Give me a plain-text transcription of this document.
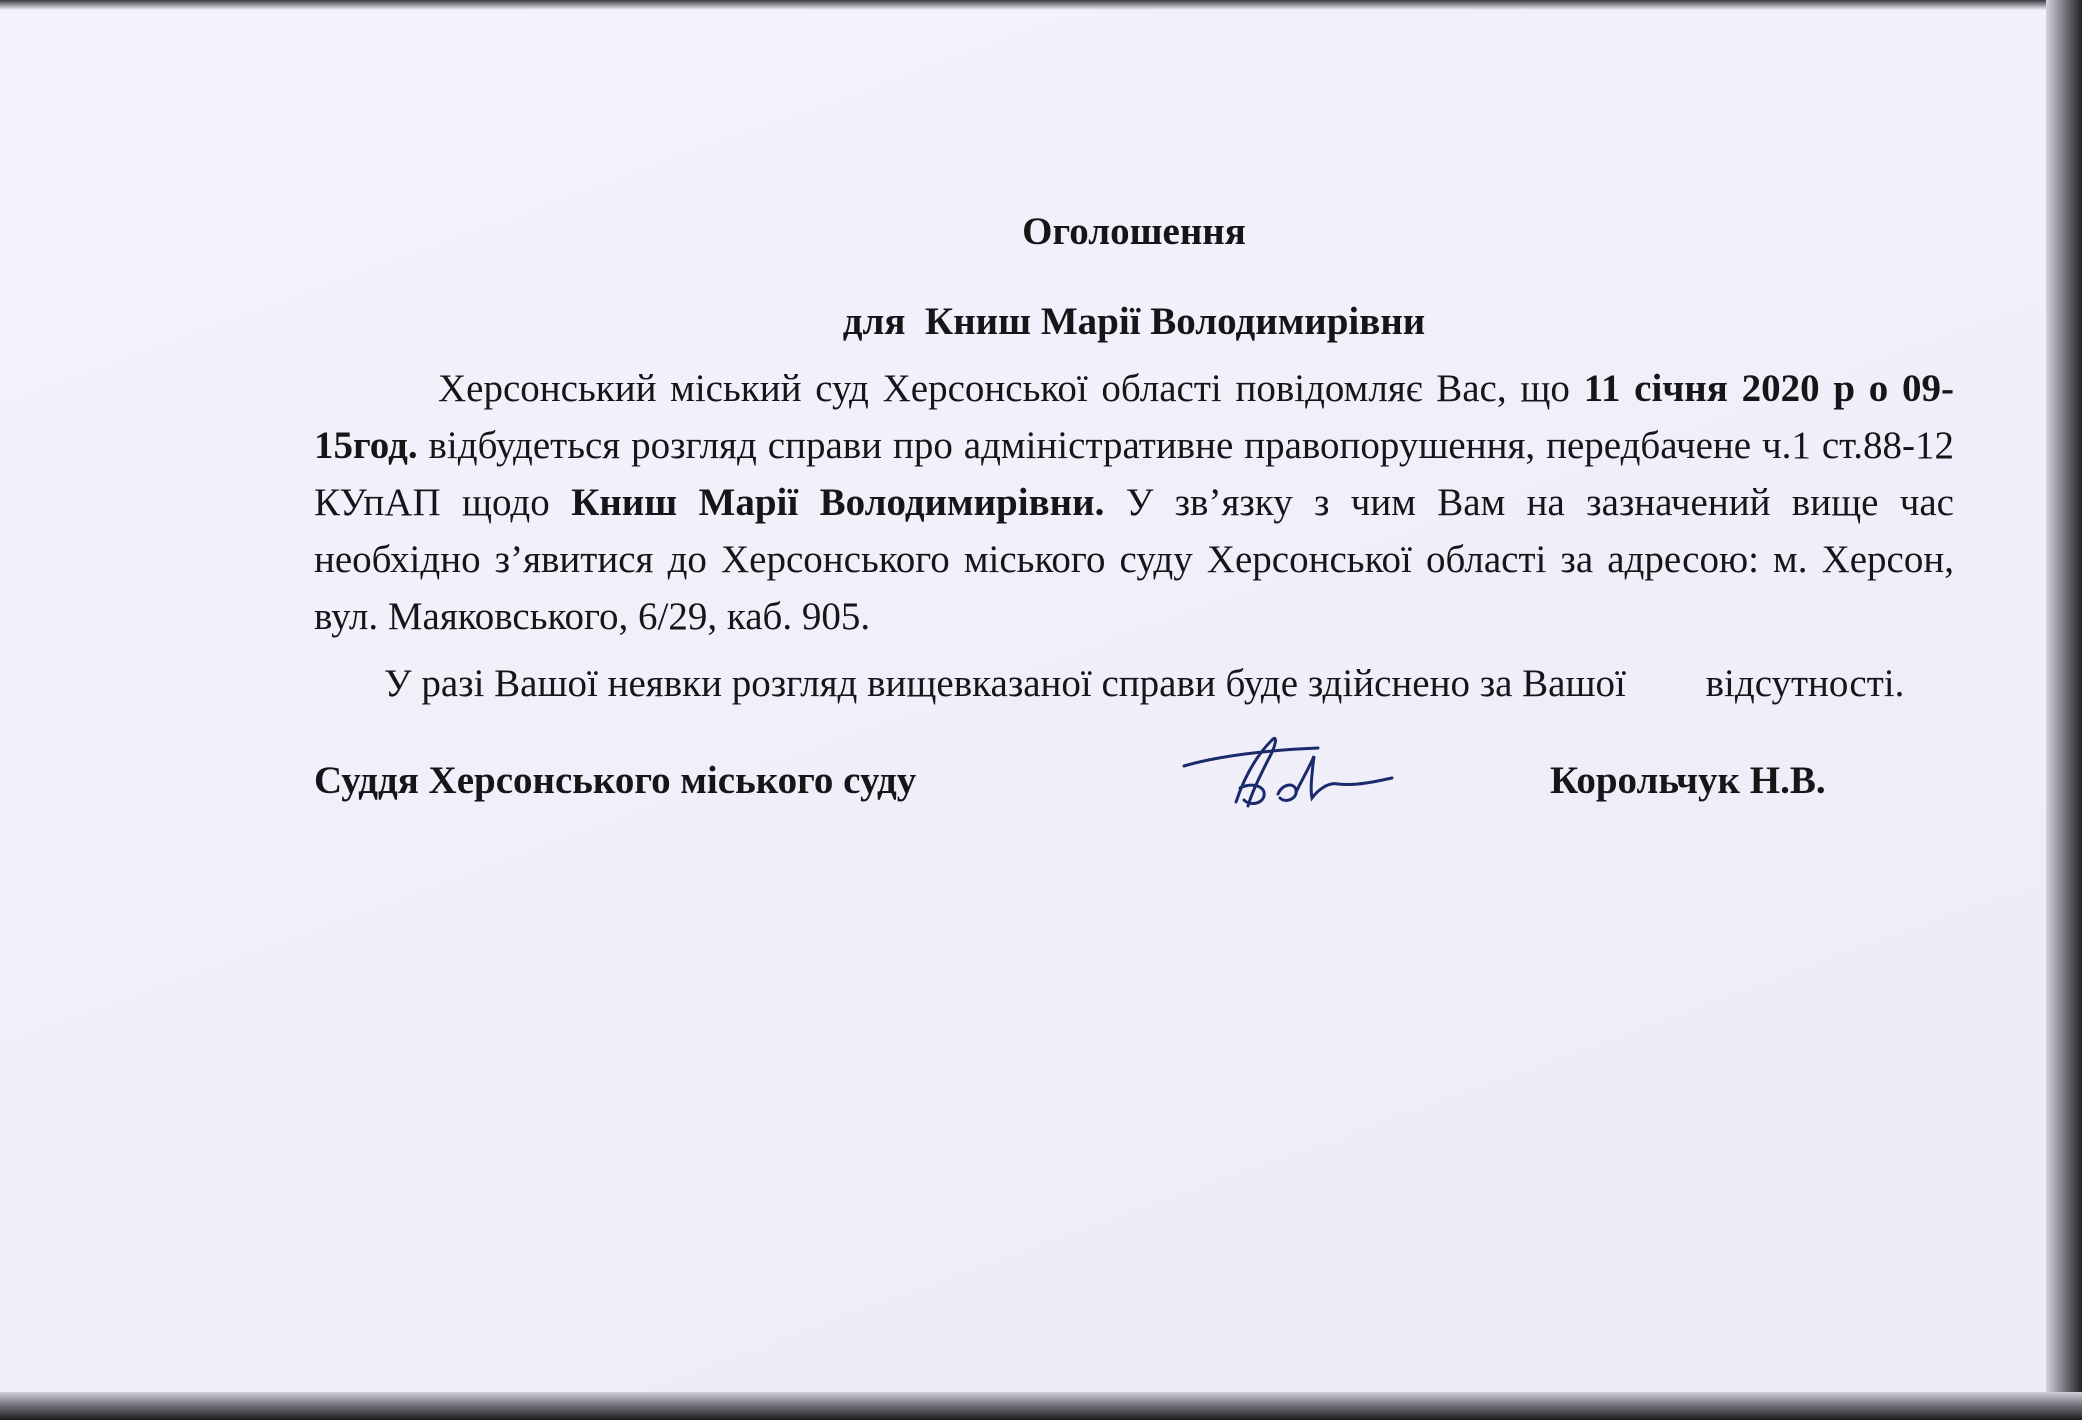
Оголошення

для  Книш Марії Володимирівни

Херсонський міський суд Херсонської області повідомляє Вас, що 11 січня 2020 р о 09-15год. відбудеться розгляд справи про адміністративне правопорушення, передбачене ч.1 ст.88-12 КУпАП щодо Книш Марії Володимирівни. У зв’язку з чим Вам на зазначений вище час необхідно з’явитися до Херсонського міського суду Херсонської області за адресою: м. Херсон, вул. Маяковського, 6/29, каб. 905.

У разі Вашої неявки розгляд вищевказаної справи буде здійснено за Вашої відсутності.

Суддя Херсонського міського суду	Корольчук Н.В.
